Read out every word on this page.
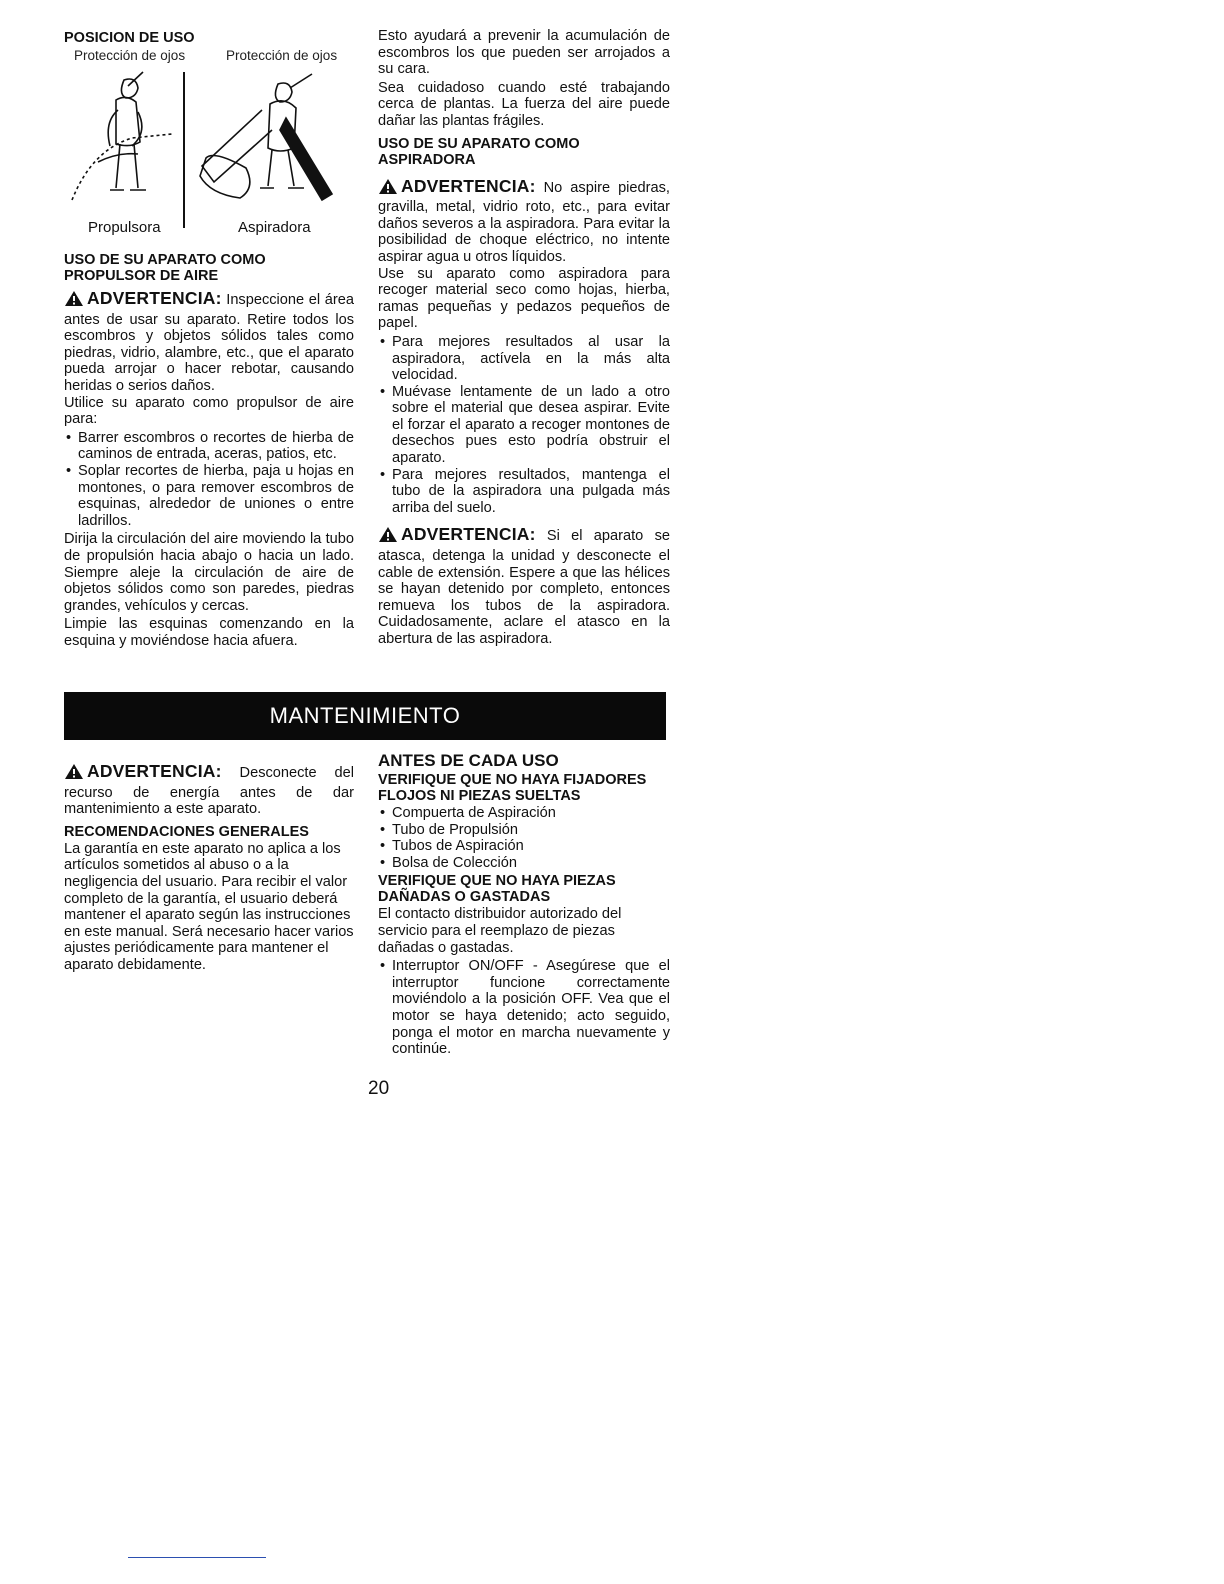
POSICION DE USO
Protección de ojos	Protección de ojos
Propulsora	Aspiradora
USO DE SU APARATO COMO PROPULSOR DE AIRE

ADVERTENCIA: Inspeccione el área antes de usar su aparato. Retire todos los escombros y objetos sólidos tales como piedras, vidrio, alambre, etc., que el aparato pueda arrojar o hacer rebotar, causando heridas o serios daños.

Utilice su aparato como propulsor de aire para:

• Barrer escombros o recortes de hierba de caminos de entrada, aceras, patios, etc.
• Soplar recortes de hierba, paja u hojas en montones, o para remover escombros de esquinas, alrededor de uniones o entre ladrillos.

Dirija la circulación del aire moviendo la tubo de propulsión hacia abajo o hacia un lado. Siempre aleje la circulación de aire de objetos sólidos como son paredes, piedras grandes, vehículos y cercas.

Limpie las esquinas comenzando en la esquina y moviéndose hacia afuera.

Esto ayudará a prevenir la acumulación de escombros los que pueden ser arrojados a su cara.

Sea cuidadoso cuando esté trabajando cerca de plantas. La fuerza del aire puede dañar las plantas frágiles.

USO DE SU APARATO COMO ASPIRADORA

ADVERTENCIA: No aspire piedras, gravilla, metal, vidrio roto, etc., para evitar daños severos a la aspiradora. Para evitar la posibilidad de choque eléctrico, no intente aspirar agua u otros líquidos.

Use su aparato como aspiradora para recoger material seco como hojas, hierba, ramas pequeñas y pedazos pequeños de papel.

• Para mejores resultados al usar la aspiradora, actívela en la más alta velocidad.
• Muévase lentamente de un lado a otro sobre el material que desea aspirar. Evite el forzar el aparato a recoger montones de desechos pues esto podría obstruir el aparato.
• Para mejores resultados, mantenga el tubo de la aspiradora una pulgada más arriba del suelo.

ADVERTENCIA: Si el aparato se atasca, detenga la unidad y desconecte el cable de extensión. Espere a que las hélices se hayan detenido por completo, entonces remueva los tubos de la aspiradora. Cuidadosamente, aclare el atasco en la abertura de las aspiradora.

MANTENIMIENTO

ADVERTENCIA: Desconecte del recurso de energía antes de dar mantenimiento a este aparato.

RECOMENDACIONES GENERALES

La garantía en este aparato no aplica a los artículos sometidos al abuso o a la negligencia del usuario. Para recibir el valor completo de la garantía, el usuario deberá mantener el aparato según las instrucciones en este manual. Será necesario hacer varios ajustes periódicamente para mantener el aparato debidamente.

ANTES DE CADA USO
VERIFIQUE QUE NO HAYA FIJADORES FLOJOS NI PIEZAS SUELTAS
• Compuerta de Aspiración
• Tubo de Propulsión
• Tubos de Aspiración
• Bolsa de Colección
VERIFIQUE QUE NO HAYA PIEZAS DAÑADAS O GASTADAS

El contacto distribuidor autorizado del servicio para el reemplazo de piezas dañadas o gastadas.

• Interruptor ON/OFF - Asegúrese que el interruptor funcione correctamente moviéndolo a la posición OFF. Vea que el motor se haya detenido; acto seguido, ponga el motor en marcha nuevamente y continúe.
20
